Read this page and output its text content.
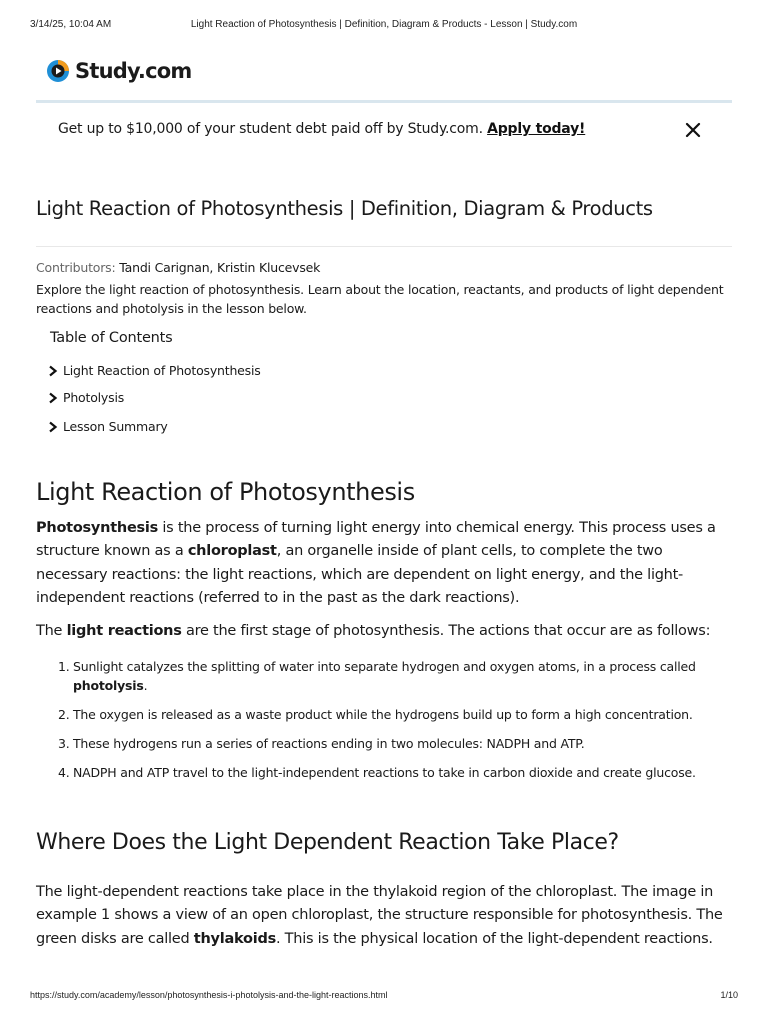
3/14/25, 10:04 AM	Light Reaction of Photosynthesis | Definition, Diagram & Products - Lesson | Study.com
Study.com
Get up to $10,000 of your student debt paid off by Study.com. Apply today!
Light Reaction of Photosynthesis | Definition, Diagram & Products
Contributors: Tandi Carignan, Kristin Klucevsek

Explore the light reaction of photosynthesis. Learn about the location, reactants, and products of light dependent reactions and photolysis in the lesson below.

Table of Contents
Light Reaction of Photosynthesis
Photolysis
Lesson Summary
Light Reaction of Photosynthesis

Photosynthesis is the process of turning light energy into chemical energy. This process uses a structure known as a chloroplast, an organelle inside of plant cells, to complete the two necessary reactions: the light reactions, which are dependent on light energy, and the light-independent reactions (referred to in the past as the dark reactions).

The light reactions are the first stage of photosynthesis. The actions that occur are as follows:

1. Sunlight catalyzes the splitting of water into separate hydrogen and oxygen atoms, in a process called photolysis.
2. The oxygen is released as a waste product while the hydrogens build up to form a high concentration.
3. These hydrogens run a series of reactions ending in two molecules: NADPH and ATP.
4. NADPH and ATP travel to the light-independent reactions to take in carbon dioxide and create glucose.
Where Does the Light Dependent Reaction Take Place?

The light-dependent reactions take place in the thylakoid region of the chloroplast. The image in example 1 shows a view of an open chloroplast, the structure responsible for photosynthesis. The green disks are called thylakoids. This is the physical location of the light-dependent reactions.

https://study.com/academy/lesson/photosynthesis-i-photolysis-and-the-light-reactions.html	1/10
